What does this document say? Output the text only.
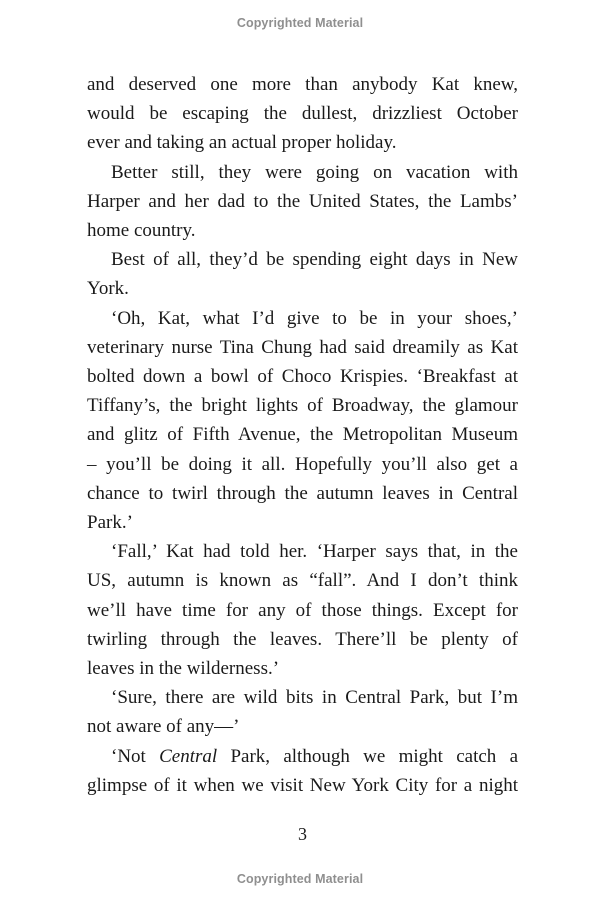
Copyrighted Material
and deserved one more than anybody Kat knew,
would be escaping the dullest, drizzliest October
ever and taking an actual proper holiday.
Better still, they were going on vacation with
Harper and her dad to the United States, the Lambs’
home country.
Best of all, they’d be spending eight days in New
York.
‘Oh, Kat, what I’d give to be in your shoes,’
veterinary nurse Tina Chung had said dreamily as Kat
bolted down a bowl of Choco Krispies. ‘Breakfast at
Tiffany’s, the bright lights of Broadway, the glamour
and glitz of Fifth Avenue, the Metropolitan Museum
– you’ll be doing it all. Hopefully you’ll also get a
chance to twirl through the autumn leaves in Central
Park.’
‘Fall,’ Kat had told her. ‘Harper says that, in the
US, autumn is known as “fall”. And I don’t think
we’ll have time for any of those things. Except for
twirling through the leaves. There’ll be plenty of
leaves in the wilderness.’
‘Sure, there are wild bits in Central Park, but I’m
not aware of any—’
‘Not Central Park, although we might catch a
glimpse of it when we visit New York City for a night
3
Copyrighted Material
